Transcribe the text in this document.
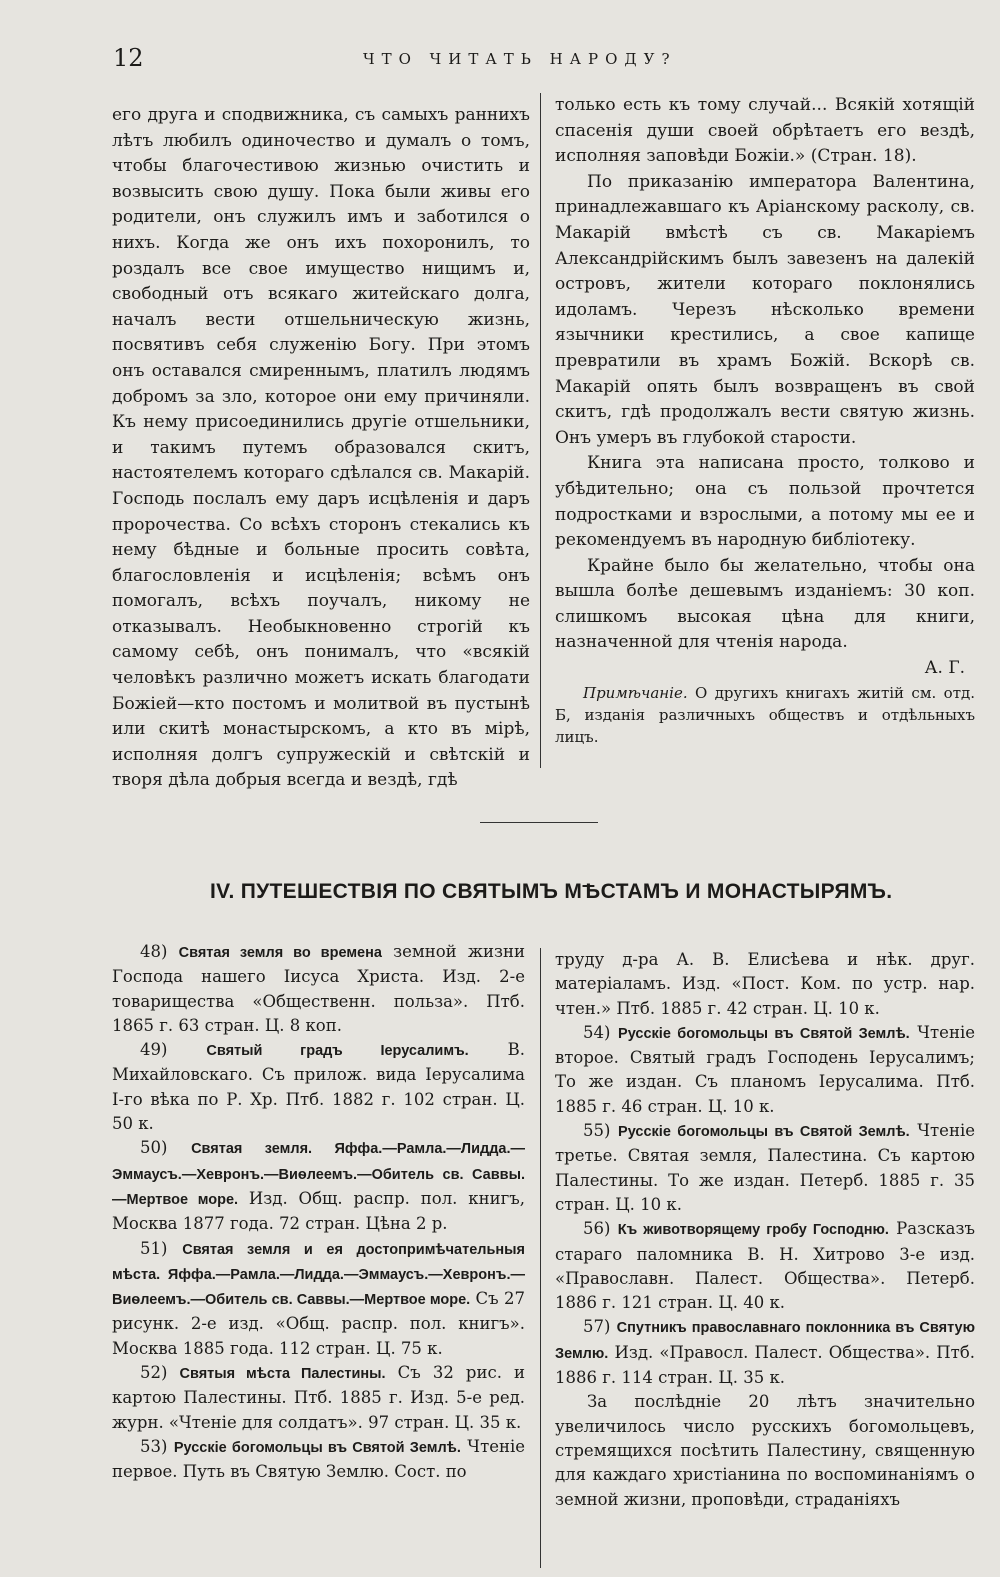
12	ЧТО ЧИТАТЬ НАРОДУ?

его друга и сподвижника, съ самыхъ раннихъ лѣтъ любилъ одиночество и думалъ о томъ, чтобы благочестивою жизнью очистить и возвысить свою душу. Пока были живы его родители, онъ служилъ имъ и заботился о нихъ. Когда же онъ ихъ похоронилъ, то роздалъ все свое имущество нищимъ и, свободный отъ всякаго житейскаго долга, началъ вести отшельническую жизнь, посвятивъ себя служенію Богу. При этомъ онъ оставался смиреннымъ, платилъ людямъ добромъ за зло, которое они ему причиняли. Къ нему присоединились другіе отшельники, и такимъ путемъ образовался скитъ, настоятелемъ котораго сдѣлался св. Макарій. Господь послалъ ему даръ исцѣленія и даръ пророчества. Со всѣхъ сторонъ стекались къ нему бѣдные и больные просить совѣта, благословленія и исцѣленія; всѣмъ онъ помогалъ, всѣхъ поучалъ, никому не отказывалъ. Необыкновенно строгій къ самому себѣ, онъ понималъ, что «всякій человѣкъ различно можетъ искать благодати Божіей—кто постомъ и молитвой въ пустынѣ или скитѣ монастырскомъ, а кто въ мірѣ, исполняя долгъ супружескій и свѣтскій и творя дѣла добрыя всегда и вездѣ, гдѣ

только есть къ тому случай... Всякій хотящій спасенія души своей обрѣтаетъ его вездѣ, исполняя заповѣди Божіи.» (Стран. 18).

По приказанію императора Валентина, принадлежавшаго къ Аріанскому расколу, св. Макарій вмѣстѣ съ св. Макаріемъ Александрійскимъ былъ завезенъ на далекій островъ, жители котораго поклонялись идоламъ. Черезъ нѣсколько времени язычники крестились, а свое капище превратили въ храмъ Божій. Вскорѣ св. Макарій опять былъ возвращенъ въ свой скитъ, гдѣ продолжалъ вести святую жизнь. Онъ умеръ въ глубокой старости.

Книга эта написана просто, толково и убѣдительно; она съ пользой прочтется подростками и взрослыми, а потому мы ее и рекомендуемъ въ народную библіотеку.

Крайне было бы желательно, чтобы она вышла болѣе дешевымъ изданіемъ: 30 коп. слишкомъ высокая цѣна для книги, назначенной для чтенія народа.

А. Г.

Примѣчаніе. О другихъ книгахъ житій см. отд. Б, изданія различныхъ обществъ и отдѣльныхъ лицъ.

IV. ПУТЕШЕСТВІЯ ПО СВЯТЫМЪ МѢСТАМЪ И МОНАСТЫРЯМЪ.

48) Святая земля во времена земной жизни Господа нашего Іисуса Христа. Изд. 2-е товарищества «Общественн. польза». Птб. 1865 г. 63 стран. Ц. 8 коп.

49)	Святый градъ Іерусалимъ. В. Михайловскаго. Съ прилож. вида Іерусалима I-го вѣка по Р. Хр. Птб. 1882 г. 102 стран. Ц. 50 к.

50) Святая земля. Яффа.—Рамла.—Лидда.—Эммаусъ.—Хевронъ.—Виѳлеемъ.—Обитель св. Саввы.—Мертвое море. Изд. Общ. распр. пол. книгъ, Москва 1877 года. 72 стран. Цѣна 2 р.

51) Святая земля и ея достопримѣчательныя мѣста. Яффа.—Рамла.—Лидда.—Эммаусъ.—Хевронъ.—Виѳлеемъ.—Обитель св. Саввы.—Мертвое море. Съ 27 рисунк. 2-е изд. «Общ. распр. пол. книгъ». Москва 1885 года. 112 стран. Ц. 75 к.

52) Святыя мѣста Палестины. Съ 32 рис. и картою Палестины. Птб. 1885 г. Изд. 5-е ред. журн. «Чтеніе для солдатъ». 97 стран. Ц. 35 к.

53) Русскіе богомольцы въ Святой Землѣ. Чтеніе первое. Путь въ Святую Землю. Сост. по

труду д-ра А. В. Елисѣева и нѣк. друг. матеріаламъ. Изд. «Пост. Ком. по устр. нар. чтен.» Птб. 1885 г. 42 стран. Ц. 10 к.

54) Русскіе богомольцы въ Святой Землѣ. Чтеніе второе. Святый градъ Господень Іерусалимъ; То же издан. Съ планомъ Іерусалима. Птб. 1885 г. 46 стран. Ц. 10 к.

55) Русскіе богомольцы въ Святой Землѣ. Чтеніе третье. Святая земля, Палестина. Съ картою Палестины. То же издан. Петерб. 1885 г. 35 стран. Ц. 10 к.

56) Къ животворящему гробу Господню. Разсказъ стараго паломника В. Н. Хитрово 3-е изд. «Православн. Палест. Общества». Петерб. 1886 г. 121 стран. Ц. 40 к.

57) Спутникъ православнаго поклонника въ Святую Землю. Изд. «Правосл. Палест. Общества». Птб. 1886 г. 114 стран. Ц. 35 к.

За послѣдніе 20 лѣтъ значительно увеличилось число русскихъ богомольцевъ, стремящихся посѣтить Палестину, священную для каждаго христіанина по воспоминаніямъ о земной жизни, проповѣди, страданіяхъ
